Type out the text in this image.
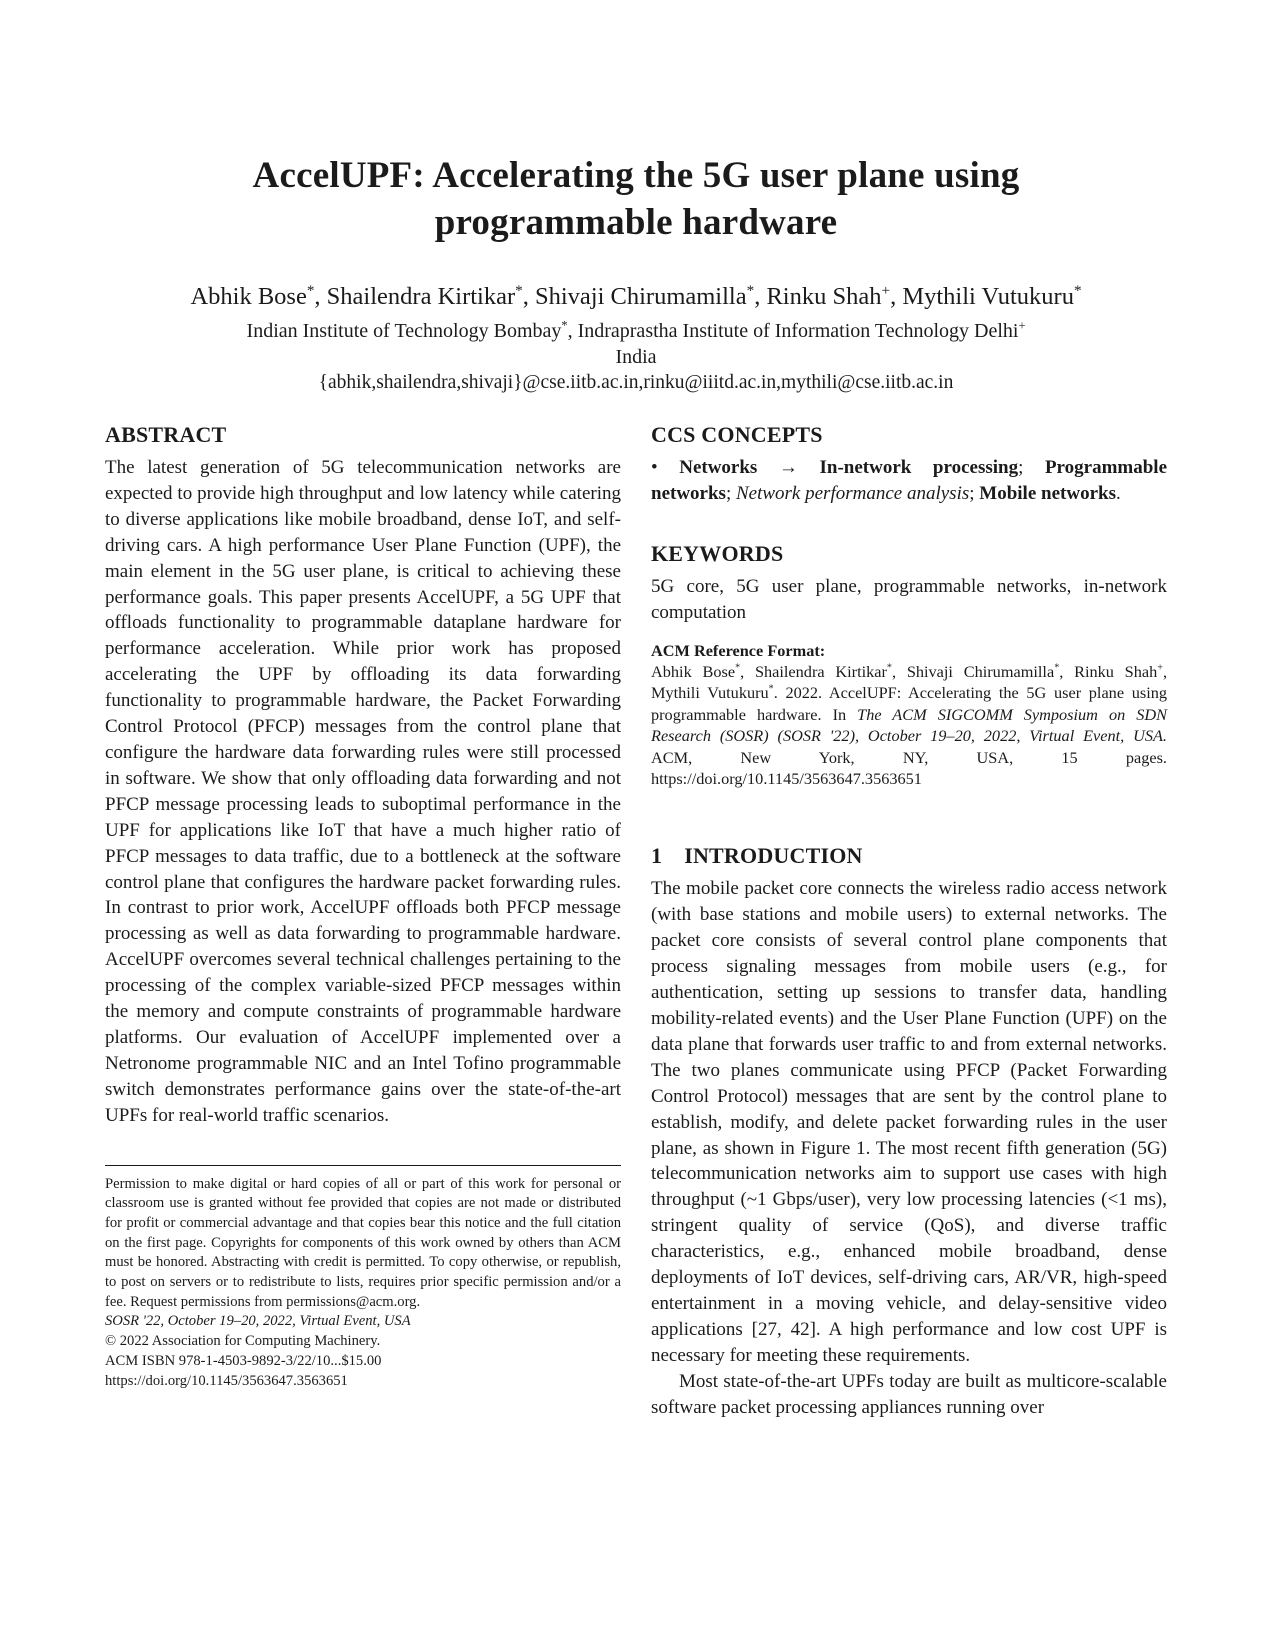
AccelUPF: Accelerating the 5G user plane using programmable hardware
Abhik Bose*, Shailendra Kirtikar*, Shivaji Chirumamilla*, Rinku Shah+, Mythili Vutukuru*
Indian Institute of Technology Bombay*, Indraprastha Institute of Information Technology Delhi+
India
{abhik,shailendra,shivaji}@cse.iitb.ac.in,rinku@iiitd.ac.in,mythili@cse.iitb.ac.in
ABSTRACT

The latest generation of 5G telecommunication networks are expected to provide high throughput and low latency while catering to diverse applications like mobile broadband, dense IoT, and self-driving cars. A high performance User Plane Function (UPF), the main element in the 5G user plane, is critical to achieving these performance goals. This paper presents AccelUPF, a 5G UPF that offloads functionality to programmable dataplane hardware for performance acceleration. While prior work has proposed accelerating the UPF by offloading its data forwarding functionality to programmable hardware, the Packet Forwarding Control Protocol (PFCP) messages from the control plane that configure the hardware data forwarding rules were still processed in software. We show that only offloading data forwarding and not PFCP message processing leads to suboptimal performance in the UPF for applications like IoT that have a much higher ratio of PFCP messages to data traffic, due to a bottleneck at the software control plane that configures the hardware packet forwarding rules. In contrast to prior work, AccelUPF offloads both PFCP message processing as well as data forwarding to programmable hardware. AccelUPF overcomes several technical challenges pertaining to the processing of the complex variable-sized PFCP messages within the memory and compute constraints of programmable hardware platforms. Our evaluation of AccelUPF implemented over a Netronome programmable NIC and an Intel Tofino programmable switch demonstrates performance gains over the state-of-the-art UPFs for real-world traffic scenarios.

Permission to make digital or hard copies of all or part of this work for personal or classroom use is granted without fee provided that copies are not made or distributed for profit or commercial advantage and that copies bear this notice and the full citation on the first page. Copyrights for components of this work owned by others than ACM must be honored. Abstracting with credit is permitted. To copy otherwise, or republish, to post on servers or to redistribute to lists, requires prior specific permission and/or a fee. Request permissions from permissions@acm.org.

SOSR '22, October 19–20, 2022, Virtual Event, USA

© 2022 Association for Computing Machinery.

ACM ISBN 978-1-4503-9892-3/22/10...$15.00

https://doi.org/10.1145/3563647.3563651

CCS CONCEPTS

• Networks → In-network processing; Programmable networks; Network performance analysis; Mobile networks.

KEYWORDS

5G core, 5G user plane, programmable networks, in-network computation

ACM Reference Format:

Abhik Bose*, Shailendra Kirtikar*, Shivaji Chirumamilla*, Rinku Shah+, Mythili Vutukuru*. 2022. AccelUPF: Accelerating the 5G user plane using programmable hardware. In The ACM SIGCOMM Symposium on SDN Research (SOSR) (SOSR '22), October 19–20, 2022, Virtual Event, USA. ACM, New York, NY, USA, 15 pages. https://doi.org/10.1145/3563647.3563651

1 INTRODUCTION

The mobile packet core connects the wireless radio access network (with base stations and mobile users) to external networks. The packet core consists of several control plane components that process signaling messages from mobile users (e.g., for authentication, setting up sessions to transfer data, handling mobility-related events) and the User Plane Function (UPF) on the data plane that forwards user traffic to and from external networks. The two planes communicate using PFCP (Packet Forwarding Control Protocol) messages that are sent by the control plane to establish, modify, and delete packet forwarding rules in the user plane, as shown in Figure 1. The most recent fifth generation (5G) telecommunication networks aim to support use cases with high throughput (~1 Gbps/user), very low processing latencies (<1 ms), stringent quality of service (QoS), and diverse traffic characteristics, e.g., enhanced mobile broadband, dense deployments of IoT devices, self-driving cars, AR/VR, high-speed entertainment in a moving vehicle, and delay-sensitive video applications [27, 42]. A high performance and low cost UPF is necessary for meeting these requirements.

Most state-of-the-art UPFs today are built as multicore-scalable software packet processing appliances running over
